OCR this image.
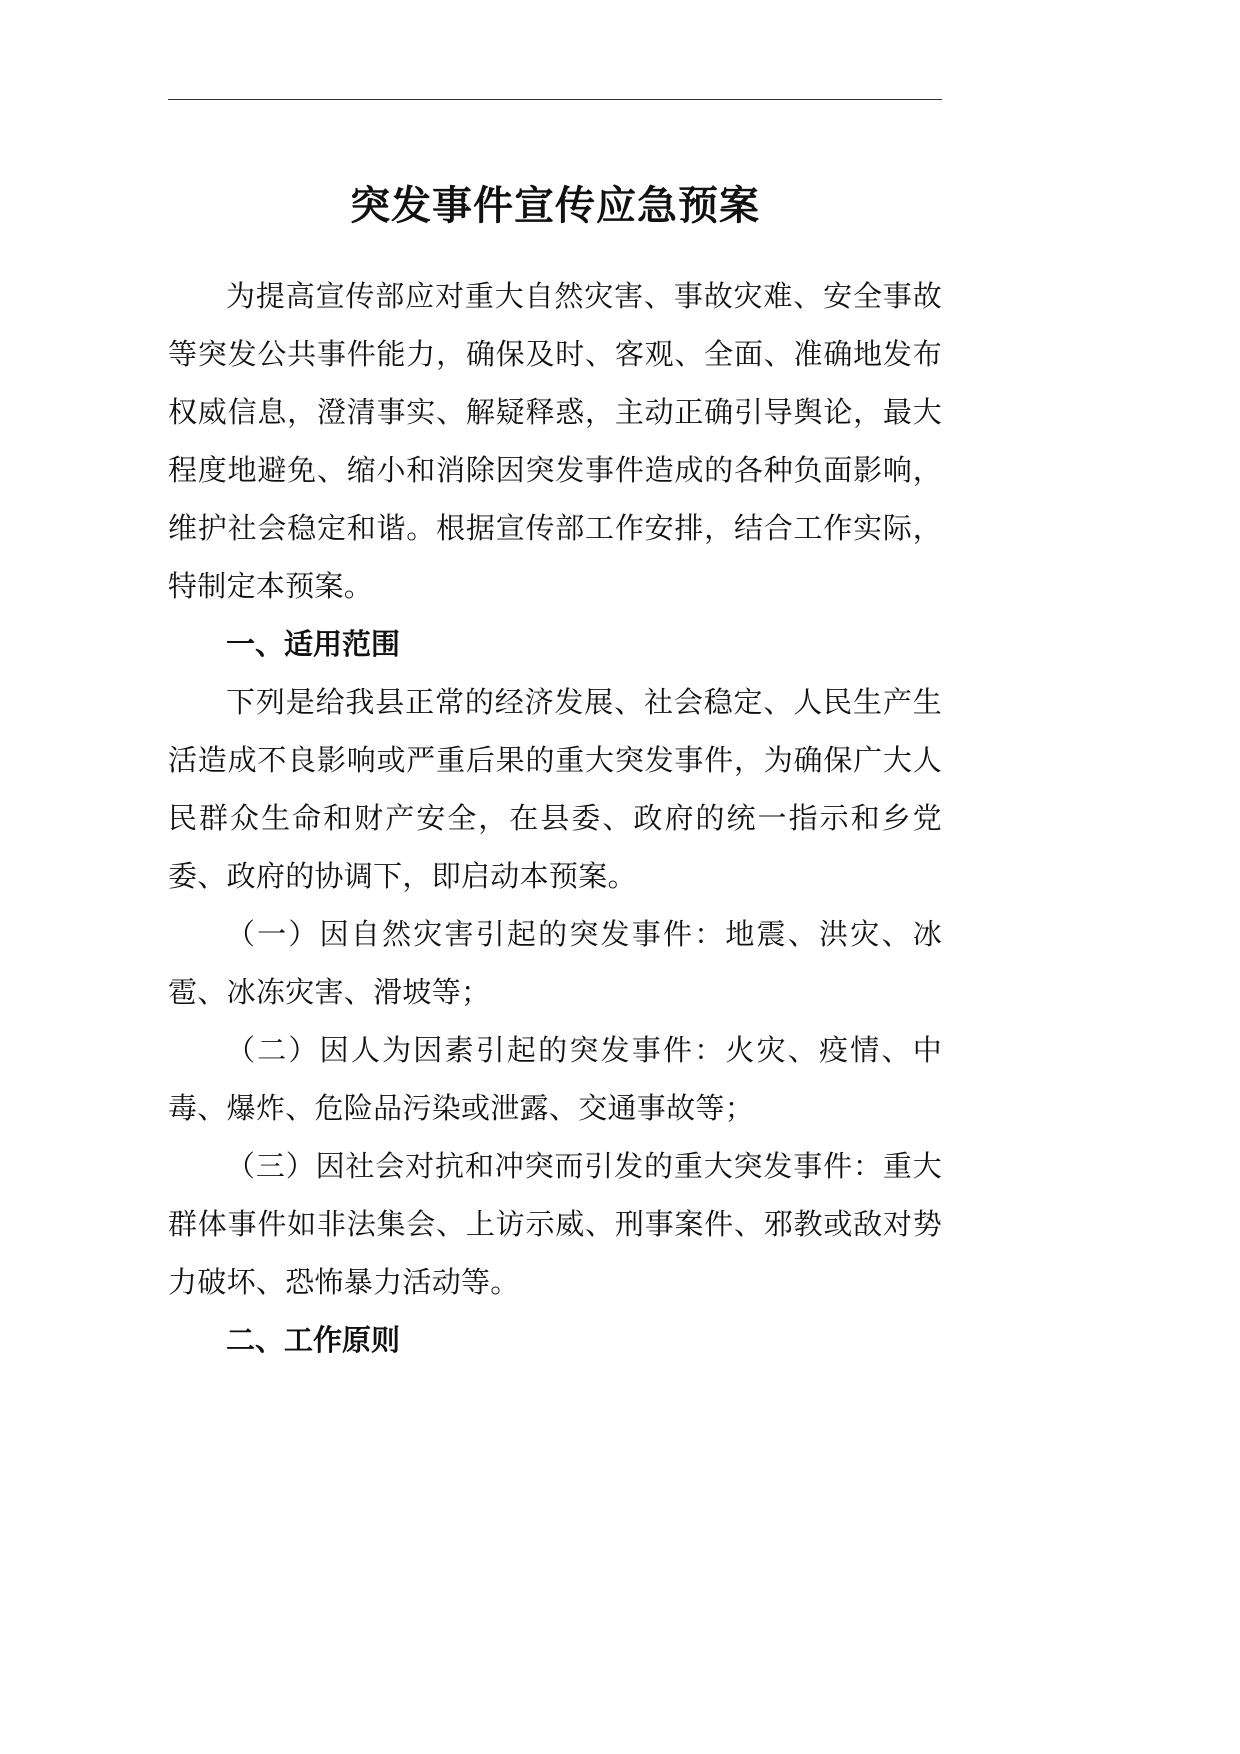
突发事件宣传应急预案

为提高宣传部应对重大自然灾害、事故灾难、安全事故等突发公共事件能力，确保及时、客观、全面、准确地发布权威信息，澄清事实、解疑释惑，主动正确引导舆论，最大程度地避免、缩小和消除因突发事件造成的各种负面影响，维护社会稳定和谐。根据宣传部工作安排，结合工作实际，特制定本预案。

一、适用范围

下列是给我县正常的经济发展、社会稳定、人民生产生活造成不良影响或严重后果的重大突发事件，为确保广大人民群众生命和财产安全，在县委、政府的统一指示和乡党委、政府的协调下，即启动本预案。

（一）因自然灾害引起的突发事件：地震、洪灾、冰雹、冰冻灾害、滑坡等；

（二）因人为因素引起的突发事件：火灾、疫情、中毒、爆炸、危险品污染或泄露、交通事故等；

（三）因社会对抗和冲突而引发的重大突发事件：重大群体事件如非法集会、上访示威、刑事案件、邪教或敌对势力破坏、恐怖暴力活动等。

二、工作原则
